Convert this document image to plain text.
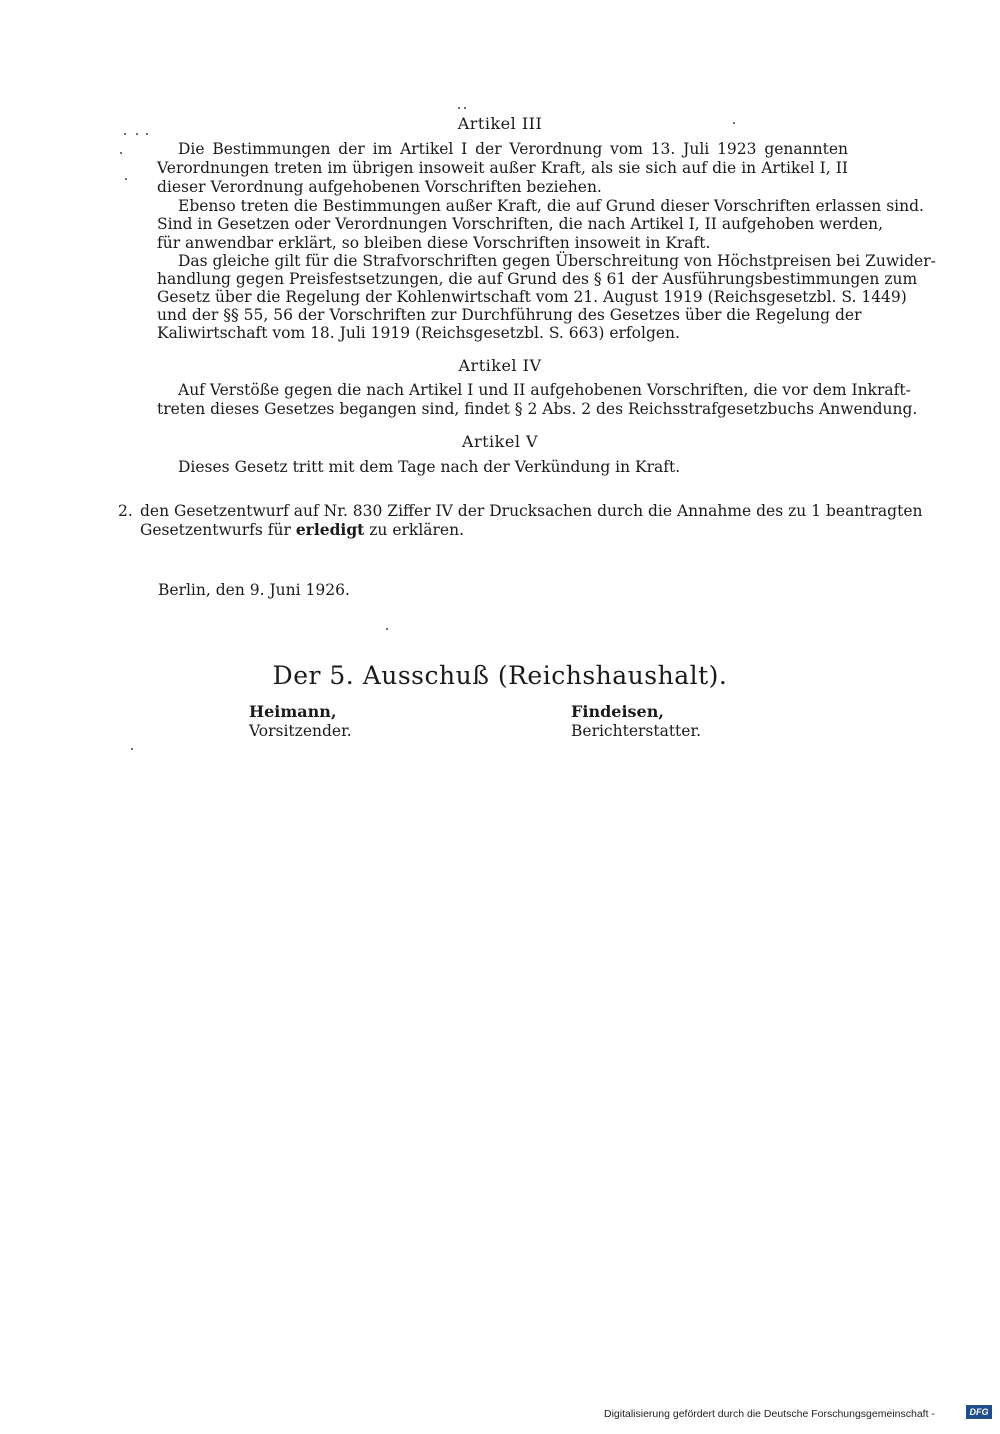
Artikel III
Die Bestimmungen der im Artikel I der Verordnung vom 13. Juli 1923 genannten
Verordnungen treten im übrigen insoweit außer Kraft, als sie sich auf die in Artikel I, II
dieser Verordnung aufgehobenen Vorschriften beziehen.
Ebenso treten die Bestimmungen außer Kraft, die auf Grund dieser Vorschriften erlassen sind.
Sind in Gesetzen oder Verordnungen Vorschriften, die nach Artikel I, II aufgehoben werden,
für anwendbar erklärt, so bleiben diese Vorschriften insoweit in Kraft.
Das gleiche gilt für die Strafvorschriften gegen Überschreitung von Höchstpreisen bei Zuwider-
handlung gegen Preisfestsetzungen, die auf Grund des § 61 der Ausführungsbestimmungen zum
Gesetz über die Regelung der Kohlenwirtschaft vom 21. August 1919 (Reichsgesetzbl. S. 1449)
und der §§ 55, 56 der Vorschriften zur Durchführung des Gesetzes über die Regelung der
Kaliwirtschaft vom 18. Juli 1919 (Reichsgesetzbl. S. 663) erfolgen.
Artikel IV
Auf Verstöße gegen die nach Artikel I und II aufgehobenen Vorschriften, die vor dem Inkraft-
treten dieses Gesetzes begangen sind, findet § 2 Abs. 2 des Reichsstrafgesetzbuchs Anwendung.
Artikel V
Dieses Gesetz tritt mit dem Tage nach der Verkündung in Kraft.
2. den Gesetzentwurf auf Nr. 830 Ziffer IV der Drucksachen durch die Annahme des zu 1 beantragten
Gesetzentwurfs für erledigt zu erklären.
Berlin, den 9. Juni 1926.
Der 5. Ausschuß (Reichshaushalt).
Heimann,
Vorsitzender.
Findeisen,
Berichterstatter.
Digitalisierung gefördert durch die Deutsche Forschungsgemeinschaft -	DFG
